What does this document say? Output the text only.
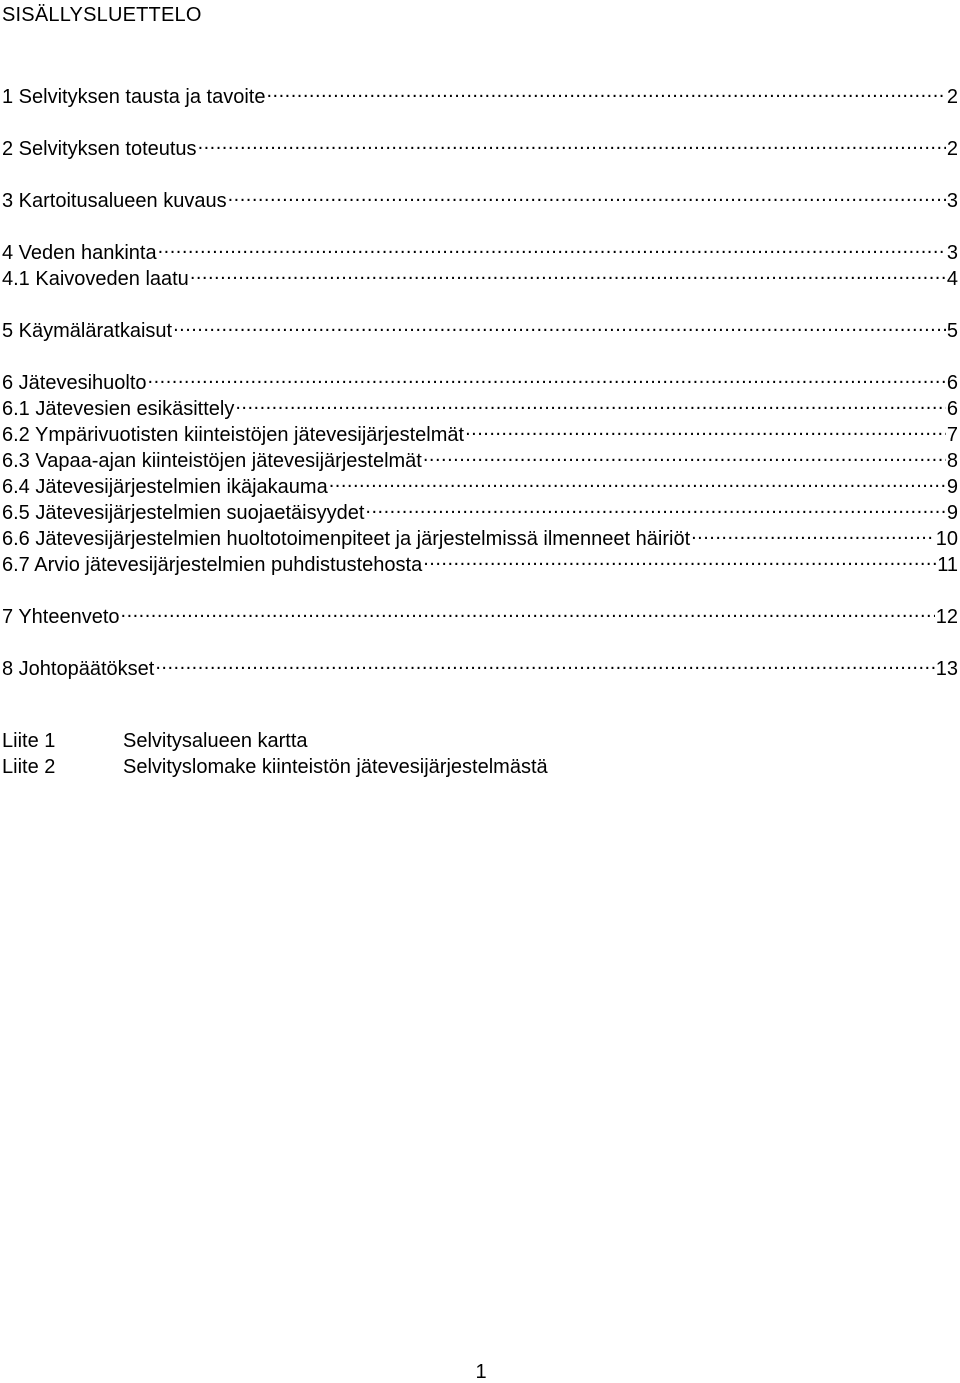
SISÄLLYSLUETTELO
1 Selvityksen tausta ja tavoite .....	2
2 Selvityksen toteutus .....	2
3 Kartoitusalueen kuvaus .....	3
4 Veden hankinta .....	3
4.1 Kaivoveden laatu .....	4
5 Käymäläratkaisut .....	5
6 Jätevesihuolto .....	6
6.1 Jätevesien esikäsittely .....	6
6.2 Ympärivuotisten kiinteistöjen jätevesijärjestelmät .....	7
6.3 Vapaa-ajan kiinteistöjen jätevesijärjestelmät .....	8
6.4 Jätevesijärjestelmien ikäjakauma .....	9
6.5 Jätevesijärjestelmien suojaetäisyydet .....	9
6.6 Jätevesijärjestelmien huoltotoimenpiteet ja järjestelmissä ilmenneet häiriöt .....	10
6.7 Arvio jätevesijärjestelmien puhdistustehosta .....	11
7 Yhteenveto .....	12
8 Johtopäätökset .....	13
Liite 1	Selvitysalueen kartta
Liite 2	Selvityslomake kiinteistön jätevesijärjestelmästä
1
